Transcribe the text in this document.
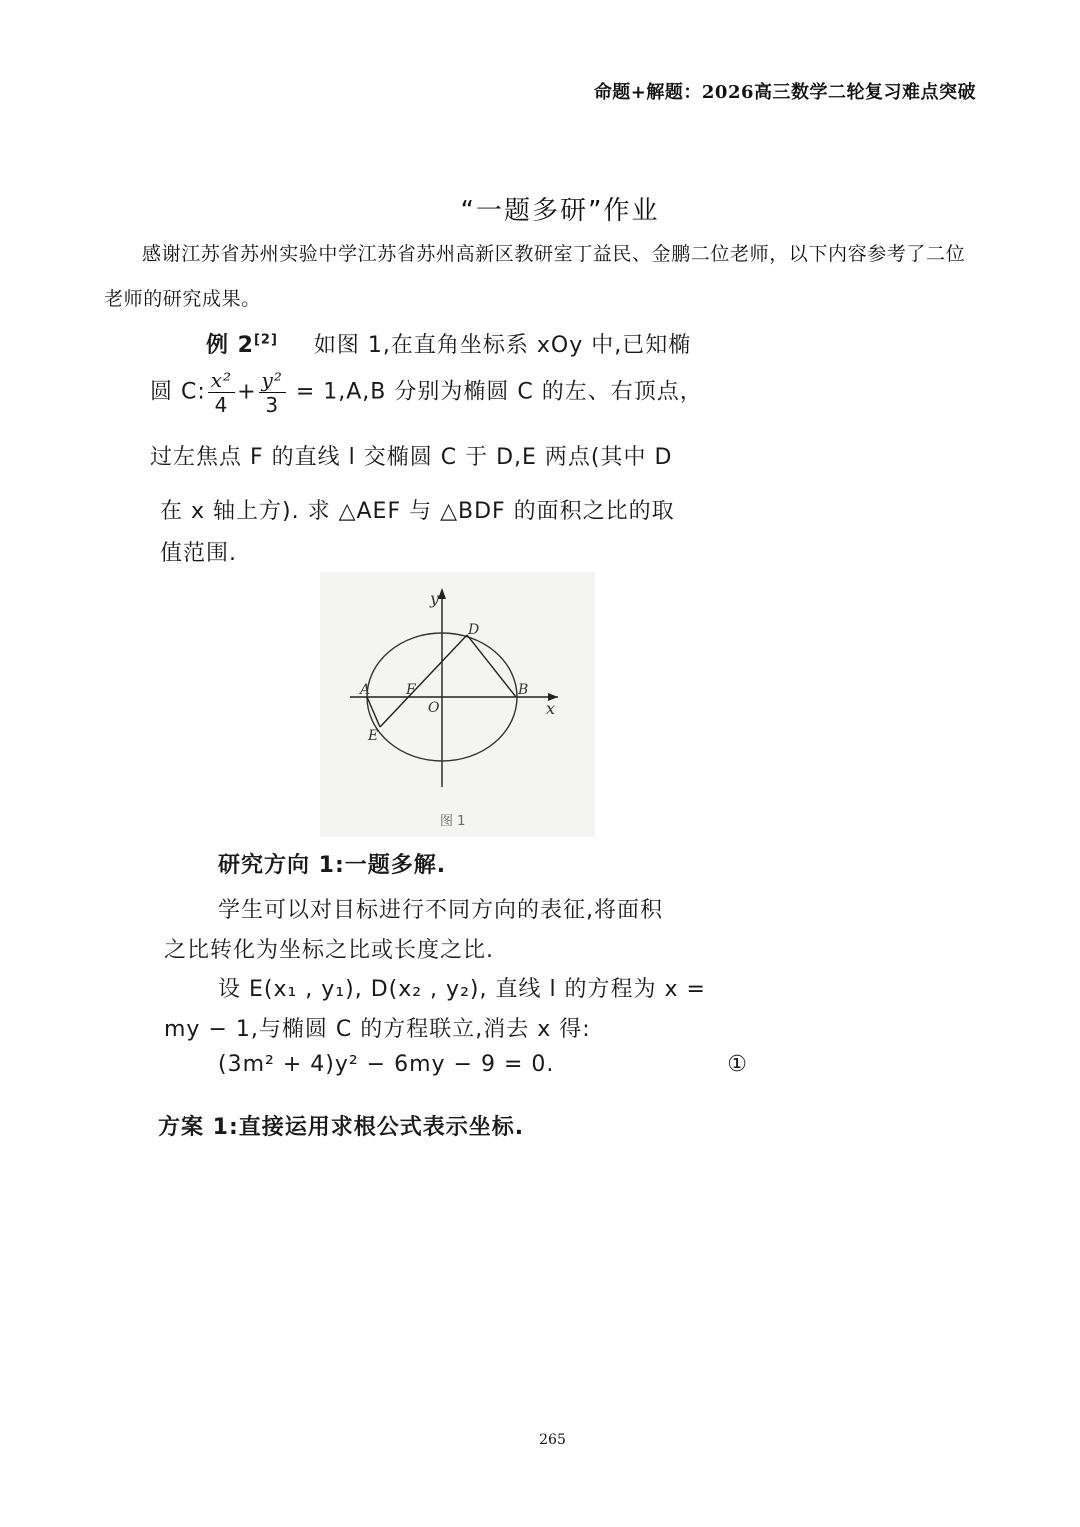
命题+解题：2026高三数学二轮复习难点突破
“一题多研”作业
感谢江苏省苏州实验中学江苏省苏州高新区教研室丁益民、金鹏二位老师，以下内容参考了二位老师的研究成果。
例 2[2] 如图 1,在直角坐标系 xOy 中,已知椭
圆 C: $\frac{\text{x²}}{4} + \frac{\text{y²}}{3} = 1,A,B$ 分别为椭圆 C 的左、右顶点，
过左焦点 F 的直线 l 交椭圆 C 于 D,E 两点(其中 D
在 x 轴上方). 求 △AEF 与 △BDF 的面积之比的取
值范围.
y
x
O
A	B
D
E
F
图 1
研究方向 1:一题多解.
学生可以对目标进行不同方向的表征,将面积
之比转化为坐标之比或长度之比.
设 E(x₁ , y₁), D(x₂ , y₂), 直线 l 的方程为 x =
my − 1,与椭圆 C 的方程联立,消去 x 得:
(3m² + 4)y² − 6my − 9 = 0.	①
方案 1:直接运用求根公式表示坐标.
265
